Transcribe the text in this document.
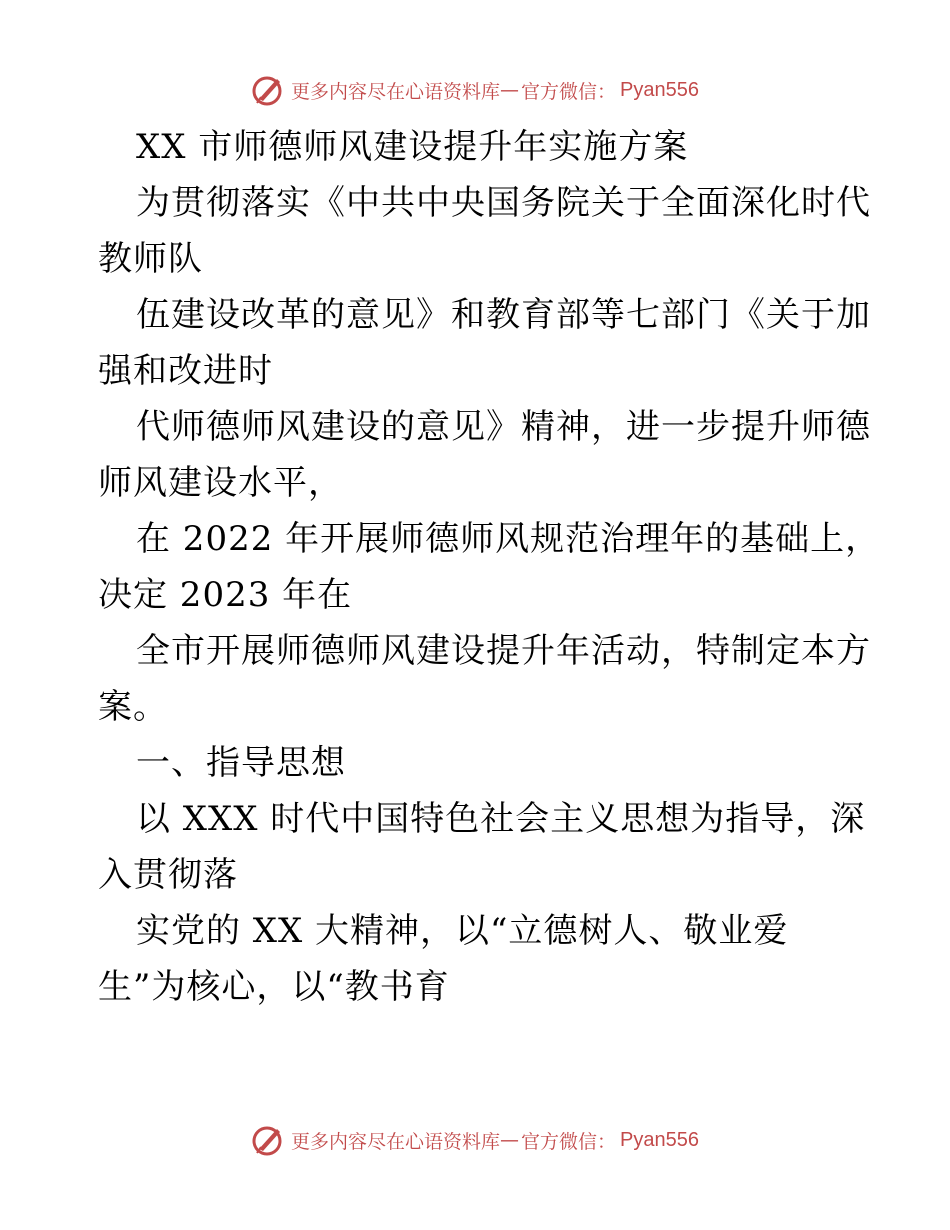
更多内容尽在心语资料库 — 官方微信： Pyan556

XX 市师德师风建设提升年实施方案

为贯彻落实《中共中央国务院关于全面深化时代

教师队

伍建设改革的意见》和教育部等七部门《关于加

强和改进时

代师德师风建设的意见》精神，进一步提升师德

师风建设水平，

在 2022 年开展师德师风规范治理年的基础上，

决定 2023 年在

全市开展师德师风建设提升年活动，特制定本方

案。

一、指导思想

以 XXX 时代中国特色社会主义思想为指导，深

入贯彻落

实党的 XX 大精神，以“立德树人、敬业爱

生”为核心，以“教书育

更多内容尽在心语资料库 — 官方微信： Pyan556
